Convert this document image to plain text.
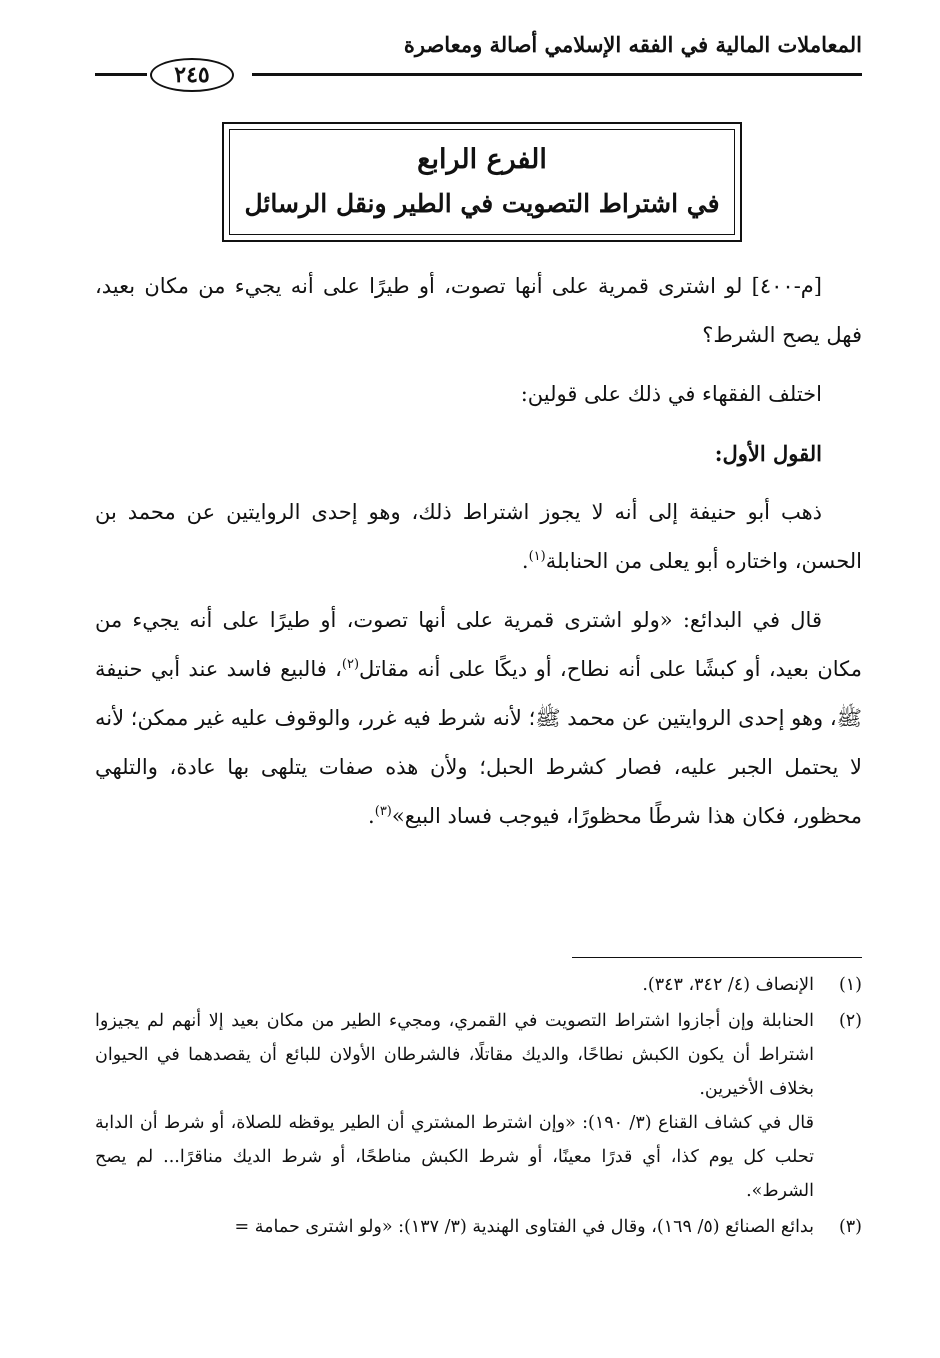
المعاملات المالية في الفقه الإسلامي أصالة ومعاصرة
٢٤٥
الفرع الرابع
في اشتراط التصويت في الطير ونقل الرسائل

[م-٤٠٠] لو اشترى قمرية على أنها تصوت، أو طيرًا على أنه يجيء من مكان بعيد، فهل يصح الشرط؟

اختلف الفقهاء في ذلك على قولين:

القول الأول:

ذهب أبو حنيفة إلى أنه لا يجوز اشتراط ذلك، وهو إحدى الروايتين عن محمد بن الحسن، واختاره أبو يعلى من الحنابلة$^{(١)}$.

قال في البدائع: «ولو اشترى قمرية على أنها تصوت، أو طيرًا على أنه يجيء من مكان بعيد، أو كبشًا على أنه نطاح، أو ديكًا على أنه مقاتل$^{(٢)}$، فالبيع فاسد عند أبي حنيفة ﷺ، وهو إحدى الروايتين عن محمد ﷺ؛ لأنه شرط فيه غرر، والوقوف عليه غير ممكن؛ لأنه لا يحتمل الجبر عليه، فصار كشرط الحبل؛ ولأن هذه صفات يتلهى بها عادة، والتلهي محظور، فكان هذا شرطًا محظورًا، فيوجب فساد البيع»$^{(٣)}$.

(١)

الإنصاف (٤/ ٣٤٢، ٣٤٣).

(٢)

الحنابلة وإن أجازوا اشتراط التصويت في القمري، ومجيء الطير من مكان بعيد إلا أنهم لم يجيزوا اشتراط أن يكون الكبش نطاحًا، والديك مقاتلًا، فالشرطان الأولان للبائع أن يقصدهما في الحيوان بخلاف الأخيرين.

قال في كشاف القناع (٣/ ١٩٠): «وإن اشترط المشتري أن الطير يوقظه للصلاة، أو شرط أن الدابة تحلب كل يوم كذا، أي قدرًا معينًا، أو شرط الكبش مناطحًا، أو شرط الديك مناقرًا... لم يصح الشرط».

(٣)

بدائع الصنائع (٥/ ١٦٩)، وقال في الفتاوى الهندية (٣/ ١٣٧): «ولو اشترى حمامة =
